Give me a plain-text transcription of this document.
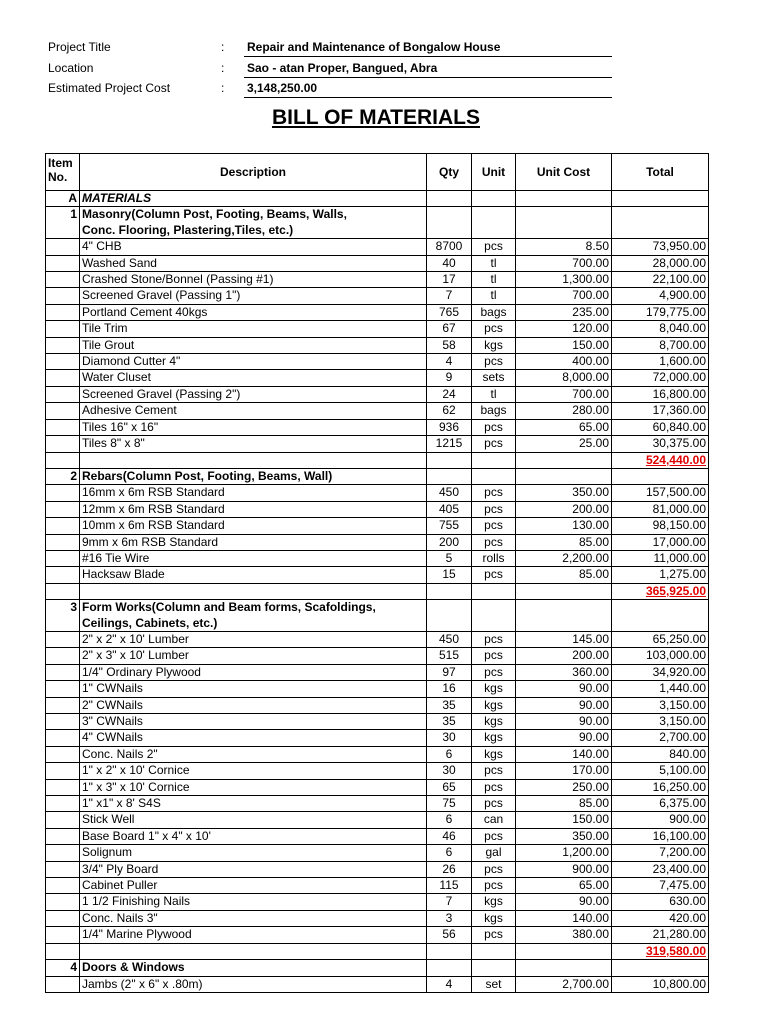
Project Title	: Repair and Maintenance of Bongalow House
Location	: Sao - atan Proper, Bangued, Abra
Estimated Project Cost	: 3,148,250.00
BILL OF MATERIALS
Item No.	Description	Qty	Unit	Unit Cost	Total
A	MATERIALS				
1	Masonry(Column Post, Footing, Beams, Walls,				
	Conc. Flooring, Plastering,Tiles, etc.)				
	4" CHB	8700	pcs	8.50	73,950.00
	Washed Sand	40	tl	700.00	28,000.00
	Crashed Stone/Bonnel (Passing #1)	17	tl	1,300.00	22,100.00
	Screened Gravel (Passing 1")	7	tl	700.00	4,900.00
	Portland Cement 40kgs	765	bags	235.00	179,775.00
	Tile Trim	67	pcs	120.00	8,040.00
	Tile Grout	58	kgs	150.00	8,700.00
	Diamond Cutter 4"	4	pcs	400.00	1,600.00
	Water Cluset	9	sets	8,000.00	72,000.00
	Screened Gravel (Passing 2")	24	tl	700.00	16,800.00
	Adhesive Cement	62	bags	280.00	17,360.00
	Tiles 16" x 16"	936	pcs	65.00	60,840.00
	Tiles 8" x 8"	1215	pcs	25.00	30,375.00
					524,440.00
2	Rebars(Column Post, Footing, Beams, Wall)				
	16mm x 6m RSB Standard	450	pcs	350.00	157,500.00
	12mm x 6m RSB Standard	405	pcs	200.00	81,000.00
	10mm x 6m RSB Standard	755	pcs	130.00	98,150.00
	9mm x 6m RSB Standard	200	pcs	85.00	17,000.00
	#16 Tie Wire	5	rolls	2,200.00	11,000.00
	Hacksaw Blade	15	pcs	85.00	1,275.00
					365,925.00
3	Form Works(Column and Beam forms, Scafoldings,				
	Ceilings, Cabinets, etc.)				
	2" x 2" x 10' Lumber	450	pcs	145.00	65,250.00
	2" x 3" x 10' Lumber	515	pcs	200.00	103,000.00
	1/4" Ordinary Plywood	97	pcs	360.00	34,920.00
	1" CWNails	16	kgs	90.00	1,440.00
	2" CWNails	35	kgs	90.00	3,150.00
	3" CWNails	35	kgs	90.00	3,150.00
	4" CWNails	30	kgs	90.00	2,700.00
	Conc. Nails 2"	6	kgs	140.00	840.00
	1" x 2" x 10' Cornice	30	pcs	170.00	5,100.00
	1" x 3" x 10' Cornice	65	pcs	250.00	16,250.00
	1" x1" x 8' S4S	75	pcs	85.00	6,375.00
	Stick Well	6	can	150.00	900.00
	Base Board 1" x 4" x 10'	46	pcs	350.00	16,100.00
	Solignum	6	gal	1,200.00	7,200.00
	3/4" Ply Board	26	pcs	900.00	23,400.00
	Cabinet Puller	115	pcs	65.00	7,475.00
	1 1/2 Finishing Nails	7	kgs	90.00	630.00
	Conc. Nails 3"	3	kgs	140.00	420.00
	1/4" Marine Plywood	56	pcs	380.00	21,280.00
					319,580.00
4	Doors & Windows				
	Jambs (2" x 6" x .80m)	4	set	2,700.00	10,800.00
